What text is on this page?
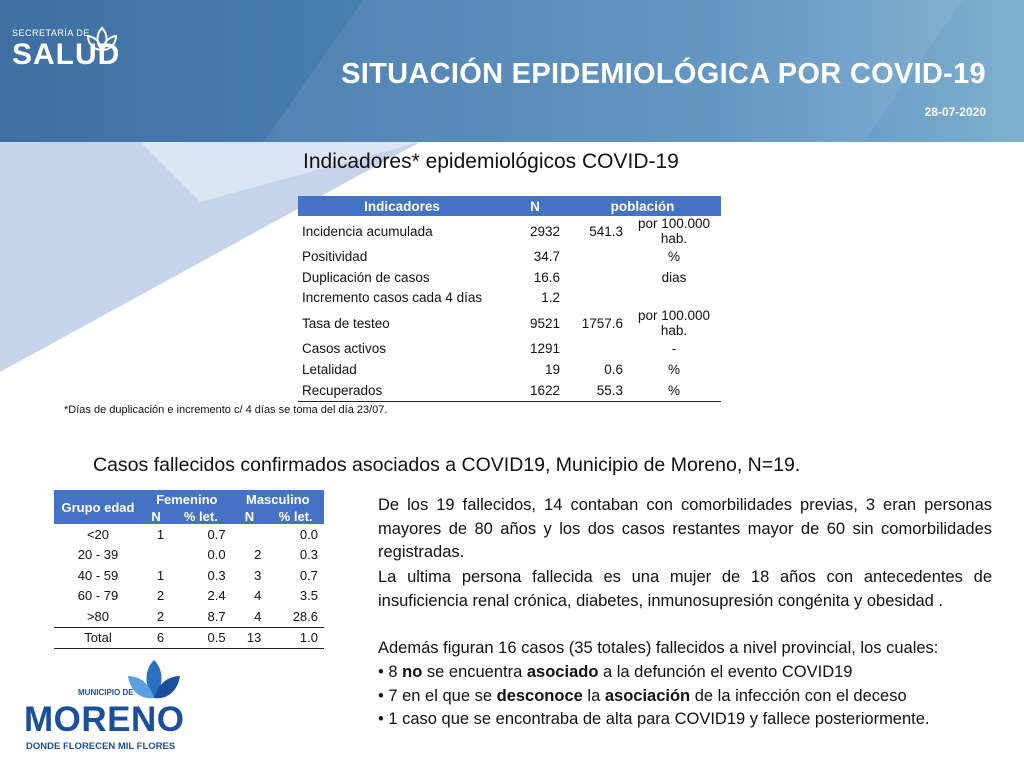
SECRETARÍA DE
SALUD
SITUACIÓN EPIDEMIOLÓGICA POR COVID-19
28-07-2020
Indicadores* epidemiológicos COVID-19
Indicadores	N	población	
Incidencia acumulada	2932	541.3	por 100.000 hab.
Positividad	34.7		%
Duplicación de casos	16.6		dias
Incremento casos cada 4 días	1.2		
Tasa de testeo	9521	1757.6	por 100.000 hab.
Casos activos	1291		-
Letalidad	19	0.6	%
Recuperados	1622	55.3	%
*Días de duplicación e incremento c/ 4 días se toma del día 23/07.
Casos fallecidos confirmados asociados a COVID19, Municipio de Moreno, N=19.
Grupo edad	Femenino		Masculino	
	N	% let.	N	% let.
<20	1	0.7		0.0
20 - 39		0.0	2	0.3
40 - 59	1	0.3	3	0.7
60 - 79	2	2.4	4	3.5
>80	2	8.7	4	28.6
Total	6	0.5	13	1.0
De los 19 fallecidos, 14 contaban con comorbilidades previas, 3 eran personas mayores de 80 años y los dos casos restantes mayor de 60 sin comorbilidades registradas.
La ultima persona fallecida es una mujer de 18 años con antecedentes de insuficiencia renal crónica, diabetes, inmunosupresión congénita y obesidad .
Además figuran 16 casos (35 totales) fallecidos a nivel provincial, los cuales:
• 8 no se encuentra asociado a la defunción el evento COVID19
• 7 en el que se desconoce la asociación de la infección con el deceso
• 1 caso que se encontraba de alta para COVID19 y fallece posteriormente.
MUNICIPIO DE
MORENO
DONDE FLORECEN MIL FLORES
